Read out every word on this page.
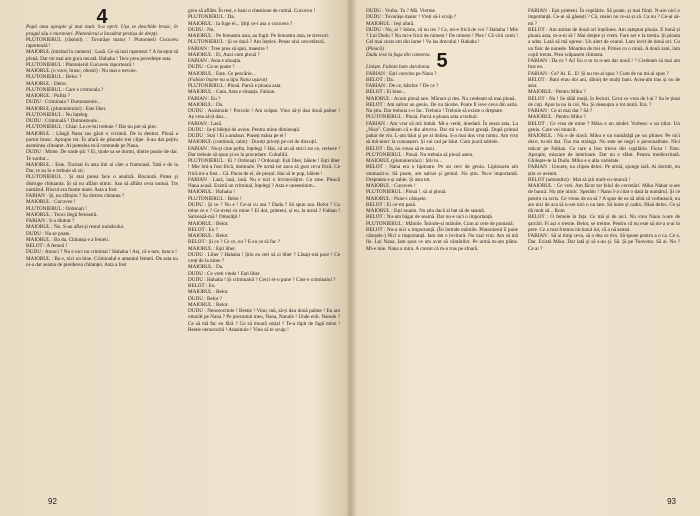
4

Papă oma apropie şi mai mult. S-a oprit. Ușa se deschide brusc, în pragul său e moravuri. Plutonierul a încadrat pestișa de drepți.

PLUTONIERUL (răstind) : Tovarășe maior ! Plutonierii Cucuveu raportează !

MAIORUL (intrând în camera) : Lasă. Ce să mai raportezi ? A început să plouă. Dar tot mai am gura necată. Hahaha ! Tece prea povedește asta.

PLUTONIERUL : Plutonierul Cucuveu raportează !

MAIORUL (o voce, brusc, obosit) : Nu mai e nevoie.

PLUTONIERUL : Deloc ?

MAIORUL : Deloc.

PLUTONIERUL : Care e criminala ?

MAIORUL : Pufita ?

DUDU : Criminala ? Dumnezeule...

MAIORUL (plutonierului) : Este liber.

PLUTONIERUL : Nu înțeleg.

DUDU : Criminală ? Dumnezeule...

PLUTONIERUL : Chiar. La ce-mi trebuie ? Dar nu pot să plec.

MAIORUL : Lângă Nana sus găsit o victimă. De la dentist. Plouă a pornit brusc. Apropie tot. În afară de păunele trei clipe. S-au dat pețiru aseminea clitoaret. Al putealea m-â comunde pe Nana.

DUDU : Minte. De unde știi ? Ei, tinde sa se dormi, dintre pustie de dar. Te surdut...

MAIORUL : Este. Tocmai în asta îmi ai câte o frumoasă. Tată e de la Dar, te au lo e trebuie să zic.

PLUTONIERUL : Și mai putea face o analiză. Riscantă. Putea și distruge chituanta. Și să nu aflăm nimic. Sau să aflăm ceva numai. Tot numărul. Riscul era foarte mare. Asta a fost.

FABIAN : Și, nu sfârșim ? Sa distrez chitanta ?

MAIORUL : Cucuveu !

PLUTONIERUL : Ordonați !

MAIORUL : Toocı llegă fereastră.

FABIAN : S-a dintrat ?

MAIORUL : Nu. S-au aflat și restul numărului.

DUDU : Na se poate.

MAIORUL : Ba da. Chitanța e a femeii.

BELOT : A femeii !

DUDU : Atunci ? Nu e nici un criminal ! Hahaha ! Asi, că e tare, banca !

MAIORUL : Ba e, nici un bine. Criminalul e amantul femeii. De asta nu ni-a dat seama de pierderea chitanței. Asta a fost

greu să aflăm. În rest, e bani o chestiune de rutină. Cucuveu !

PLUTONIERUL : Da.

MAIORUL : Ia fuge el... Știți ce-i asa o cucuvea ?

DUDU : Nu.

MAIORUL : Pe fereastra asta, au fugit. Pe fereastra asta, te strecori.

PLUTONIERUL : Și ce dacă ? Am înțeles. Penar ului cercetătură.

FABIAN : Tree prea să spui, maestre ?

MAIORUL : Ei, Auzi cum plouă ?

FABIAN : Asta e situația.

DUDU : Ce se poate ?

MAIORUL : Este. Ce pescărie...

(Fabian înșine nu scăpa Nana ușurat)

PLUTONIERUL : Plouă. Parcă e ploaia asta.

MAIORUL : Gata. Asta e situația. Fabian.

FABIAN : Eu ?

MAIORUL : Da.

DUDU : Asasinule ! Porcule ! Am scăpat. Vino să-ți dau două palme ! Aș vrea să-ți dau...

FABIAN : Lasă.

DUDU : Ia-ți bilețul de avion. Pentru mine dimineață.

DUDU : Stai ! Ei a amânat. Puneți mâna pe el !

MAIORUL (continuă, calm) : Duceți priceți pe cel de discuții.

FABIAN : Nu-ți cine pofta, înțelegi ? Hai, că un să strici tot ce, cerbere ! Dar trebuie să spun și eu la procedure. Coltalilii.

PLUTONIERUL : Ei ? Ordonați ? Ordonați. Ești liber, băiete ! Ești liber ! Mie îmi-a fost frică, domnule. Pe urmă tot anca să gust ceva frică. Ce frică mi-a fost... Că. Pacat de el, de pieșul. Hai să te pup, băiete !

FABIAN : Lasă, lasă, lasă. Nu e nici o învinovățire. Cu sine. Pleacă Nana acasă. Există un criminal, înțelegi ? Asta e uneeminim...

MAIORUL : Hahaha !

PLUTONIERUL : Belot !

DUDU : Și ce ? Nu e ! Ce-ai cu asa ? Dada ? Să spun asa. Belot ? Cu mine ce e ? Ce-aveți cu mine ? Ei doi, prieteni, și eu, la urmă ? Fabian ! Salvează-mă ! Omorâţii !

MAIORUL : Belot.

BELOT : Eu ?

MAIORUL : Belot.

BELOT : Și ce ? Ce ce, eu ? E eu ce să fac ?

MAIORUL : Ești liber.

DUDU : Liber ? Hahaha ! Știu eu ceri să zi liber ? Lăsați-mă pace ! Ce vreți de la mine ?

MAIORUL : Da.

DUDU : Ce vreti vinde ! Ești liber.

DUDU : Hahaha ! Și criminalul ? Cerci el-o pune ? Cine e criminalul ?

BELOT : Eu.

MAIORUL : Belot.

DUDU : Belot ?

MAIORUL : Belot.

DUDU : Nenorocitule ! Bestie ! Vino, mă, să-ți dau două palme ! Eu am omorât pe Nana ? Pe prezumul meu, Nana, Nanule ! Unde erâi. Nanule ? Ce să mă fac eu fără ? Cu să moară soțial ? Te-a tâpit de fagă mine ! Bestie nenorocită ! Asasinule ! Vino să te scuip !

92

DUDU : Vorba. Tu ? Mă. Vierme.

DUDU : Tovarășe maior ! Vreți să-l scuip ?

MAIORUL : Ieși afară.

DUDU : Nu, ai ? Iubne, că nu ies ? Ce, mi-e frică de voi ? Hahaha ! Mie ? Lui Dudu ? Nu mi-e frică de nimeni ! De nimeni ! Ples ! Că vini cumi ! Cel mai curat om din lume ! Va las drecului ! Hahaha !

(Pleacă)

Dudu iese la fuga din camerea. 5

Liniște. Fabian bate darabana.

FABIAN : Ești convins pe Nana ?

BELOT : Da.

FABIAN : De ce, bătrîne ? De ce ?

BELOT : Ei bine...

MAIORUL : Acum plouă tare. Mărunt și des. Nu credeam să mai plouă.

BELOT : Am salvat un geniu. De nu tăcebe. Poate fi ieve ceva din astia. Nu știu. Dar trebuia s-o fac. Trebuia ! Trebuie să existe o dreptate.

PLUTONIERUL : Plouă. Parcă e ploaia asta a trebuit.

FABIAN : Am vrut să mă îmbăt. Mi-a venit, doedată. În seara asta. La „Nisa”. Credeam că e din altceva. Dar mi s-a făcut greață. După primul pahar de vin. L-am băut și pe al doilea. S-a mai dus vrut nimic. Am vrut să mă-ntorc la cunoașteri. Și vai cad pe băut. Cum joacă tablele.

BELOT : Da, nu vreau să te auzi.

PLUTONIERUL : Plouă. Nu trebuia să plouă astea.

MAIORUL (plutonierului) : Știi tu...

BELOT : Nana era o lipitoare. Pe un cerc de geniu. Lipitoarea am utomazit-o. Să poate, am salvat și geniul. Nu știu. Nu-e importantă. Dreptatea e și sabie. Și asta tot.

MAIORUL : Cucuveu !

PLUTONIERUL : Plouă !, să ai plouă.

MAIORUL : Pune-i cătușele.

BELOT : Ei ce-mi pasă.

MAIORUL : Ești nuaim. Nu știu dacă ai bat să de seamă.

BELOT : Nu-am băgat de seamă. Dar nu-e nici o importanță.

PLUTONIERUL : Mâinile. Întinde-și mâinile. Cum ai cere de pomană.

BELOT : Nu-a nici o importanță. (Îsi întinde mâinile. Plutonierul îi pune cătușele.) Nici o importanță. Iam dat o lovitură. Nu mai vrut. Am să mă fie. Lui Nana. Iam spus ce am avut să vântârilor. Pe urmă m-am plâns. Mi-e mie. Nana a mira. A crezut că m-a tras pe sfoară.

FABIAN : Ești prieteni. În copilărie. Să poate, și mai ființi. N-are nici o importanță. Ce-ai să găsești ? Că, ceaiei nu ce-ai și să. Ca nu ? Ce-ai să-mi ?

BELOT : Am ambat de două ori înțelinea. Am așteptat ploaia. E bună și ploaia asta, m-a-ni să ! Mai drepte și vrem. Fare ser e la trenia. Și ploaia a adus. Lasă să mă opresc. Un alert de cearul. Lam lovit de două ori. Cu un fisic de nunede. Moartea de trei ei. Prinse cu o mină. A două zani, iam copil trenta. Prea scăpasem chitanta.

FABIAN : Da ce ? Ai! Eu o tu tu n-am dar nouă ! ? Credeam să mai am fost eu.

FABIAN : Ce? Ai. E.. E! Și nu mi-ai spus ? Cum de nu mi-ai spus ?

BELOT : Bani erau doi ani, dăruiț de mulți bani. Acea-am tras și nu de asta.

MAIORUL : Pentru Miku ?

BELOT : Nu ! Se tălăi muță, în feciori. Ceva ce vrea de l-ai ? Sa le ținut de cuți. Apoi la nu la cui, Nu. Și deasupra o tot mută. Era. ?

FABIAN : Ce ai mai dat ? Să ?

MAIORUL : Pentru Miku ?

BELOT : Ce vrea de mine ? Miku e un sindel. Vorbesc o un idiot. Un geniu. Care voi muncit.

MAIORUL : Nu e de slavă. Miku e un numărăță pe un pfuner. Pe nici dece, tu-mi dat. Toa ma strânga. Nu este ne negri o personalitate. Nici măcar pe Fabian. Cu tare a fost trieva din copilărie. Ficea ! Fare. Apropie, mișcare de interioare. Dar nu e sfânt. Pentru mediocritată. Ghilepte-te la Dudu. Miku e o alta varietate.

FABIAN : Unoare, nu clipea deloc. Pe urmă, ajunge iară. Ai dormit, nu știu ce aveam.

BELOT (amoralist) : Mai să știi mult-cu-muncă !

MAIORUL : Ce vrei. Am făcut tot felul de cercetări. Miku Nabar n-are de bancă. Nu știe nimic. Sperăm ! Nanu I-a citat o dată la numărul. Și ce pentru ca scris. Ce vreau de ea să ? A spus de ea să aibă să vorbească, nu are nici de aca să n-are nici o nu tare. Să lume și cadru. Până deloc. Ce și dă mult să... Rom

BELOT : O femeie în fața. Ce mă și de aici. Nu vrea Nanu n-are de șarcări. Fi ași o trestie. Belot, se treime. Pentru că nu este să mi-a n-ai în pere. Ce a mai frumos niciunul iul, că a nă semai.

FABIAN : Să ai timp ceva, să o dea ce dvs. Să spune pentru a o ca. Ce a. Dar. Există Miku. Dar iată și să s-au și. Să. Și pe Tuovenu. Să ai. Nu ? Ce ai ?

93
